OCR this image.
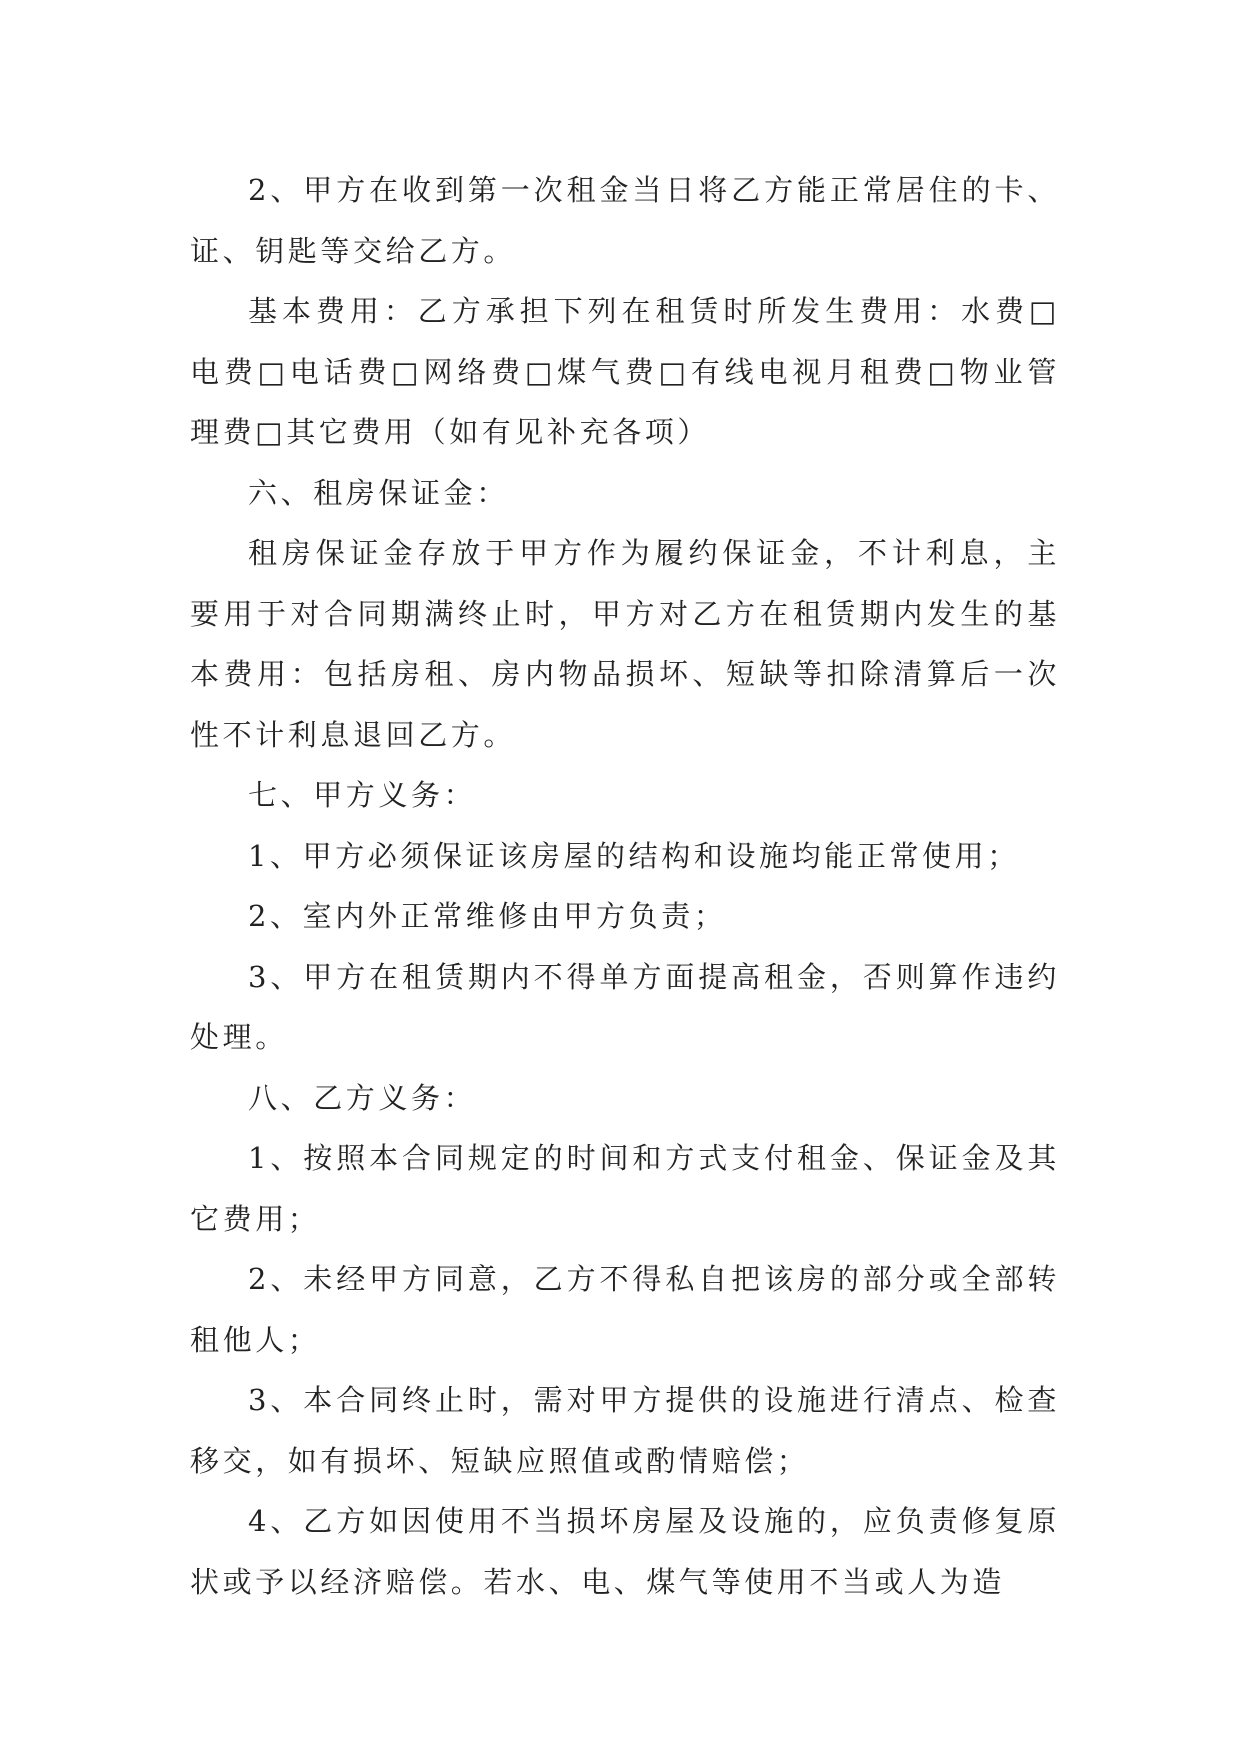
2、甲方在收到第一次租金当日将乙方能正常居住的卡、证、钥匙等交给乙方。

基本费用：乙方承担下列在租赁时所发生费用：水费□电费□电话费□网络费□煤气费□有线电视月租费□物业管理费□其它费用（如有见补充各项）

六、租房保证金：

租房保证金存放于甲方作为履约保证金，不计利息，主要用于对合同期满终止时，甲方对乙方在租赁期内发生的基本费用：包括房租、房内物品损坏、短缺等扣除清算后一次性不计利息退回乙方。

七、甲方义务：

1、甲方必须保证该房屋的结构和设施均能正常使用；

2、室内外正常维修由甲方负责；

3、甲方在租赁期内不得单方面提高租金，否则算作违约处理。

八、乙方义务：

1、按照本合同规定的时间和方式支付租金、保证金及其它费用；

2、未经甲方同意，乙方不得私自把该房的部分或全部转租他人；

3、本合同终止时，需对甲方提供的设施进行清点、检查移交，如有损坏、短缺应照值或酌情赔偿；

4、乙方如因使用不当损坏房屋及设施的，应负责修复原状或予以经济赔偿。若水、电、煤气等使用不当或人为造
